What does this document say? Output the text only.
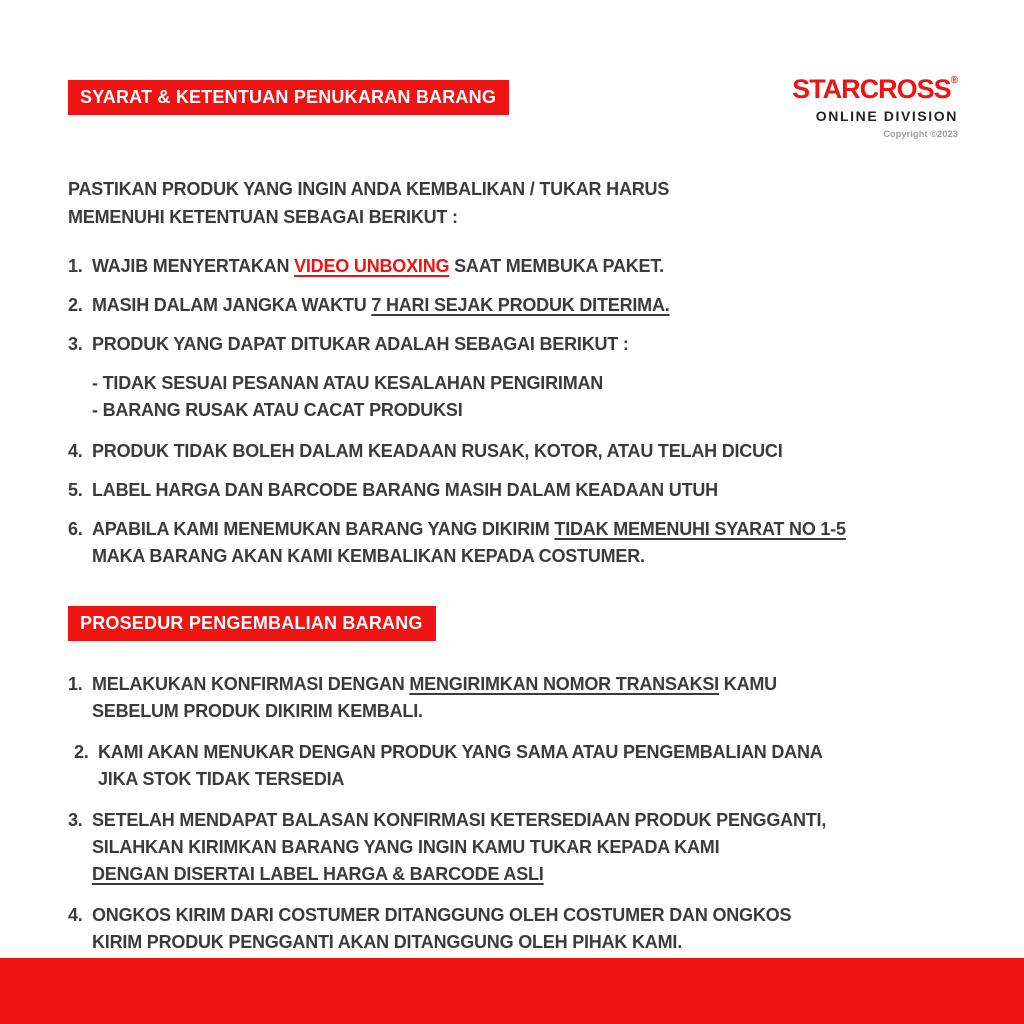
SYARAT & KETENTUAN PENUKARAN BARANG	STARCROSS®
ONLINE DIVISION
Copyright ©2023

PASTIKAN PRODUK YANG INGIN ANDA KEMBALIKAN / TUKAR HARUS
MEMENUHI KETENTUAN SEBAGAI BERIKUT :

1. WAJIB MENYERTAKAN VIDEO UNBOXING SAAT MEMBUKA PAKET.
2. MASIH DALAM JANGKA WAKTU 7 HARI SEJAK PRODUK DITERIMA.
3. PRODUK YANG DAPAT DITUKAR ADALAH SEBAGAI BERIKUT :
- TIDAK SESUAI PESANAN ATAU KESALAHAN PENGIRIMAN
- BARANG RUSAK ATAU CACAT PRODUKSI
4. PRODUK TIDAK BOLEH DALAM KEADAAN RUSAK, KOTOR, ATAU TELAH DICUCI
5. LABEL HARGA DAN BARCODE BARANG MASIH DALAM KEADAAN UTUH
6. APABILA KAMI MENEMUKAN BARANG YANG DIKIRIM TIDAK MEMENUHI SYARAT NO 1-5
MAKA BARANG AKAN KAMI KEMBALIKAN KEPADA COSTUMER.
PROSEDUR PENGEMBALIAN BARANG
1. MELAKUKAN KONFIRMASI DENGAN MENGIRIMKAN NOMOR TRANSAKSI KAMU
SEBELUM PRODUK DIKIRIM KEMBALI.
2. KAMI AKAN MENUKAR DENGAN PRODUK YANG SAMA ATAU PENGEMBALIAN DANA
JIKA STOK TIDAK TERSEDIA
3. SETELAH MENDAPAT BALASAN KONFIRMASI KETERSEDIAAN PRODUK PENGGANTI,
SILAHKAN KIRIMKAN BARANG YANG INGIN KAMU TUKAR KEPADA KAMI
DENGAN DISERTAI LABEL HARGA & BARCODE ASLI
4. ONGKOS KIRIM DARI COSTUMER DITANGGUNG OLEH COSTUMER DAN ONGKOS
KIRIM PRODUK PENGGANTI AKAN DITANGGUNG OLEH PIHAK KAMI.
